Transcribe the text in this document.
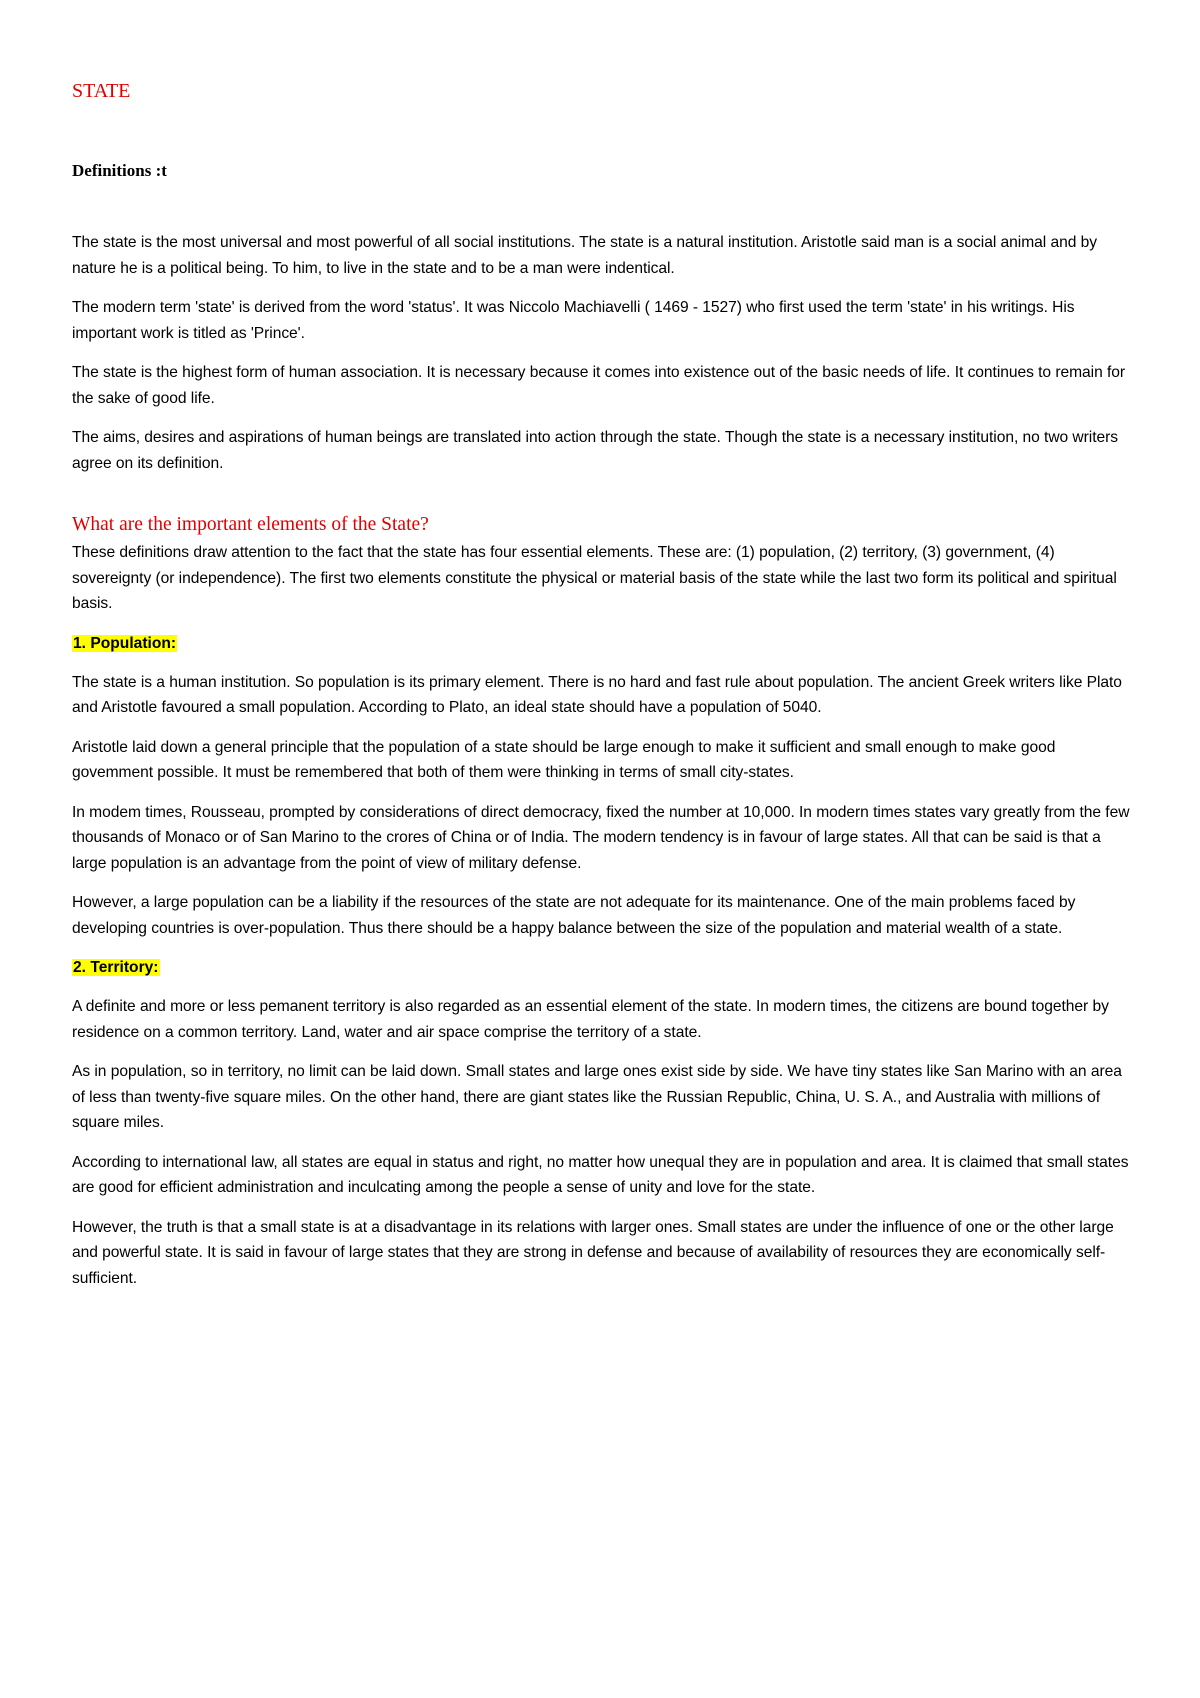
STATE
Definitions :t

The state is the most universal and most powerful of all social institutions. The state is a natural institution. Aristotle said man is a social animal and by nature he is a political being. To him, to live in the state and to be a man were indentical.

The modern term 'state' is derived from the word 'status'. It was Niccolo Machiavelli ( 1469 - 1527) who first used the term 'state' in his writings. His important work is titled as 'Prince'.

The state is the highest form of human association. It is necessary because it comes into existence out of the basic needs of life. It continues to remain for the sake of good life.

The aims, desires and aspirations of human beings are translated into action through the state. Though the state is a necessary institution, no two writers agree on its definition.

What are the important elements of the State?

These definitions draw attention to the fact that the state has four essential elements. These are: (1) population, (2) territory, (3) government, (4) sovereignty (or independence). The first two elements constitute the physical or material basis of the state while the last two form its political and spiritual basis.

1. Population:

The state is a human institution. So population is its primary element. There is no hard and fast rule about population. The ancient Greek writers like Plato and Aristotle favoured a small population. According to Plato, an ideal state should have a population of 5040.

Aristotle laid down a general principle that the population of a state should be large enough to make it sufficient and small enough to make good govemment possible. It must be remembered that both of them were thinking in terms of small city-states.

In modem times, Rousseau, prompted by considerations of direct democracy, fixed the number at 10,000. In modern times states vary greatly from the few thousands of Monaco or of San Marino to the crores of China or of India. The modern tendency is in favour of large states. All that can be said is that a large population is an advantage from the point of view of military defense.

However, a large population can be a liability if the resources of the state are not adequate for its maintenance. One of the main problems faced by developing countries is over-population. Thus there should be a happy balance between the size of the population and material wealth of a state.

2. Territory:

A definite and more or less pemanent territory is also regarded as an essential element of the state. In modern times, the citizens are bound together by residence on a common territory. Land, water and air space comprise the territory of a state.

As in population, so in territory, no limit can be laid down. Small states and large ones exist side by side. We have tiny states like San Marino with an area of less than twenty-five square miles. On the other hand, there are giant states like the Russian Republic, China, U. S. A., and Australia with millions of square miles.

According to international law, all states are equal in status and right, no matter how unequal they are in population and area. It is claimed that small states are good for efficient administration and inculcating among the people a sense of unity and love for the state.

However, the truth is that a small state is at a disadvantage in its relations with larger ones. Small states are under the influence of one or the other large and powerful state. It is said in favour of large states that they are strong in defense and because of availability of resources they are economically self-sufficient.
